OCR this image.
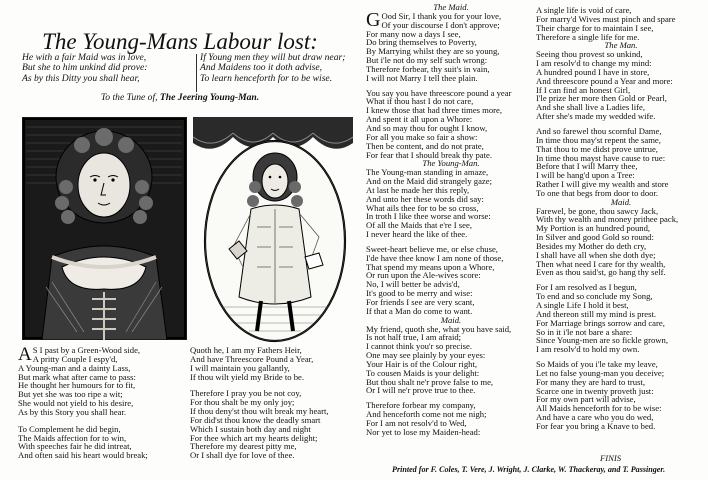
The Young-Mans Labour lost:
He with a fair Maid was in love,
But she to him unkind did prove:
As by this Ditty you shall hear,
If Young men they will but draw near;
And Maidens too it doth advise,
To learn henceforth for to be wise.
To the Tune of, The Jeering Young-Man.
A S I past by a Green-Wood side,
A pritty Couple I espy'd,
A Young-man and a dainty Lass,
But mark what after came to pass:
He thought her humours for to fit,
But yet she was too ripe a wit;
She would not yield to his desire,
As by this Story you shall hear.
To Complement he did begin,
The Maids affection for to win,
With speeches fair he did intreat,
And often said his heart would break;
Quoth he, I am my Fathers Heir,
And have Threescore Pound a Year,
I will maintain you gallantly,
If thou wilt yield my Bride to be.
Therefore I pray you be not coy,
For thou shalt be my only joy;
If thou deny'st thou wilt break my heart,
For did'st thou know the deadly smart
Which I sustain both day and night
For thee which art my hearts delight;
Therefore my dearest pitty me,
Or I shall dye for love of thee.
The Maid.
G Ood Sir, I thank you for your love,
Of your discourse I don't approve;
For many now a days I see,
Do bring themselves to Poverty,
By Marrying whilst they are so young,
But i'le not do my self such wrong:
Therefore forbear, thy suit's in vain,
I will not Marry I tell thee plain.
You say you have threescore pound a year
What if thou hast I do not care,
I knew those that had three times more,
And spent it all upon a Whore:
And so may thou for ought I know,
For all you make so fair a show:
Then be content, and do not prate,
For fear that I should break thy pate.
The Young-Man.
The Young-man standing in amaze,
And on the Maid did strangely gaze;
At last he made her this reply,
And unto her these words did say:
What ails thee for to be so cross,
In troth I like thee worse and worse:
Of all the Maids that e're I see,
I never heard the like of thee.
Sweet-heart believe me, or else chuse,
I'de have thee know I am none of those,
That spend my means upon a Whore,
Or run upon the Ale-wives score:
No, I will better be advis'd,
It's good to be merry and wise:
For friends I see are very scant,
If that a Man do come to want.
Maid.
My friend, quoth she, what you have said,
Is not half true, I am afraid;
I cannot think you'r so precise.
One may see plainly by your eyes:
Your Hair is of the Colour right,
To cousen Maids is your delight:
But thou shalt ne'r prove false to me,
Or I will ne'r prove true to thee.
Therefore forbear my company,
And henceforth come not me nigh;
For I am not resolv'd to Wed,
Nor yet to lose my Maiden-head:
A single life is void of care,
For marry'd Wives must pinch and spare
Their charge for to maintain I see,
Therefore a single life for me.
The Man.
Seeing thou provest so unkind,
I am resolv'd to change my mind:
A hundred pound I have in store,
And threescore pound a Year and more:
If I can find an honest Girl,
I'le prize her more then Gold or Pearl,
And she shall live a Ladies life,
After she's made my wedded wife.
And so farewel thou scornful Dame,
In time thou may'st repent the same,
That thou to me didst prove untrue,
In time thou mayst have cause to rue:
Before that I will Marry thee,
I will be hang'd upon a Tree:
Rather I will give my wealth and store
To one that begs from door to door.
Maid.
Farewel, be gone, thou sawcy Jack,
With thy wealth and money prithee pack,
My Portion is an hundred pound,
In Silver and good Gold so round:
Besides my Mother do deth cry,
I shall have all when she doth dye;
Then what need I care for thy wealth,
Even as thou said'st, go hang thy self.
For I am resolved as I begun,
To end and so conclude my Song,
A single Life I hold it best,
And thereon still my mind is prest.
For Marriage brings sorrow and care,
So in it i'le not bare a share:
Since Young-men are so fickle grown,
I am resolv'd to hold my own.
So Maids of you i'le take my leave,
Let no false young-man you deceive;
For many they are hard to trust,
Scarce one in twenty proveth just:
For my own part will advise,
All Maids henceforth for to be wise:
And have a care who you do wed,
For fear you bring a Knave to bed.
FINIS
Printed for F. Coles, T. Vere, J. Wright, J. Clarke, W. Thackeray, and T. Passinger.
